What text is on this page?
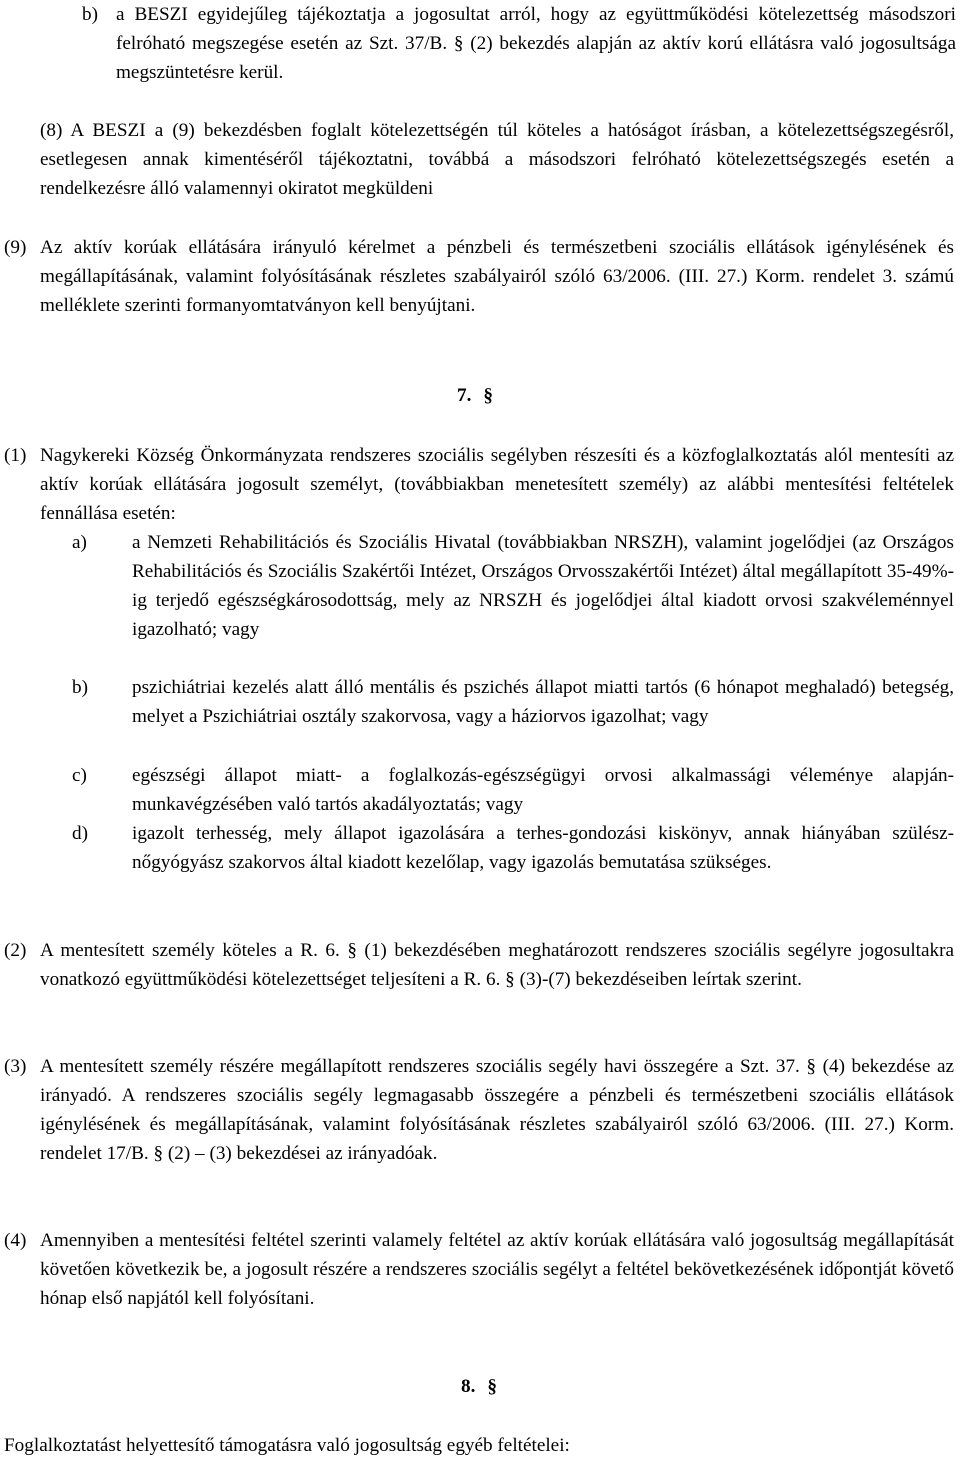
b) a BESZI egyidejűleg tájékoztatja a jogosultat arról, hogy az együttműködési kötelezettség másodszori felróható megszegése esetén az Szt. 37/B. § (2) bekezdés alapján az aktív korú ellátásra való jogosultsága megszüntetésre kerül.

(8) A BESZI a (9) bekezdésben foglalt kötelezettségén túl köteles a hatóságot írásban, a kötelezettségszegésről, esetlegesen annak kimentéséről tájékoztatni, továbbá a másodszori felróható kötelezettségszegés esetén a rendelkezésre álló valamennyi okiratot megküldeni

(9) Az aktív korúak ellátására irányuló kérelmet a pénzbeli és természetbeni szociális ellátások igénylésének és megállapításának, valamint folyósításának részletes szabályairól szóló 63/2006. (III. 27.) Korm. rendelet 3. számú melléklete szerinti formanyomtatványon kell benyújtani.
7. §
(1) Nagykereki Község Önkormányzata rendszeres szociális segélyben részesíti és a közfoglalkoztatás alól mentesíti az aktív korúak ellátására jogosult személyt, (továbbiakban menetesített személy) az alábbi mentesítési feltételek fennállása esetén:
a) a Nemzeti Rehabilitációs és Szociális Hivatal (továbbiakban NRSZH), valamint jogelődjei (az Országos Rehabilitációs és Szociális Szakértői Intézet, Országos Orvosszakértői Intézet) által megállapított 35-49%-ig terjedő egészségkárosodottság, mely az NRSZH és jogelődjei által kiadott orvosi szakvéleménnyel igazolható; vagy
b) pszichiátriai kezelés alatt álló mentális és pszichés állapot miatti tartós (6 hónapot meghaladó) betegség, melyet a Pszichiátriai osztály szakorvosa, vagy a háziorvos igazolhat; vagy
c) egészségi állapot miatt- a foglalkozás-egészségügyi orvosi alkalmassági véleménye alapján- munkavégzésében való tartós akadályoztatás; vagy
d) igazolt terhesség, mely állapot igazolására a terhes-gondozási kiskönyv, annak hiányában szülész-nőgyógyász szakorvos által kiadott kezelőlap, vagy igazolás bemutatása szükséges.
(2) A mentesített személy köteles a R. 6. § (1) bekezdésében meghatározott rendszeres szociális segélyre jogosultakra vonatkozó együttműködési kötelezettséget teljesíteni a R. 6. § (3)-(7) bekezdéseiben leírtak szerint.
(3) A mentesített személy részére megállapított rendszeres szociális segély havi összegére a Szt. 37. § (4) bekezdése az irányadó. A rendszeres szociális segély legmagasabb összegére a pénzbeli és természetbeni szociális ellátások igénylésének és megállapításának, valamint folyósításának részletes szabályairól szóló 63/2006. (III. 27.) Korm. rendelet 17/B. § (2) – (3) bekezdései az irányadóak.
(4) Amennyiben a mentesítési feltétel szerinti valamely feltétel az aktív korúak ellátására való jogosultság megállapítását követően következik be, a jogosult részére a rendszeres szociális segélyt a feltétel bekövetkezésének időpontját követő hónap első napjától kell folyósítani.
8. §

Foglalkoztatást helyettesítő támogatásra való jogosultság egyéb feltételei:
